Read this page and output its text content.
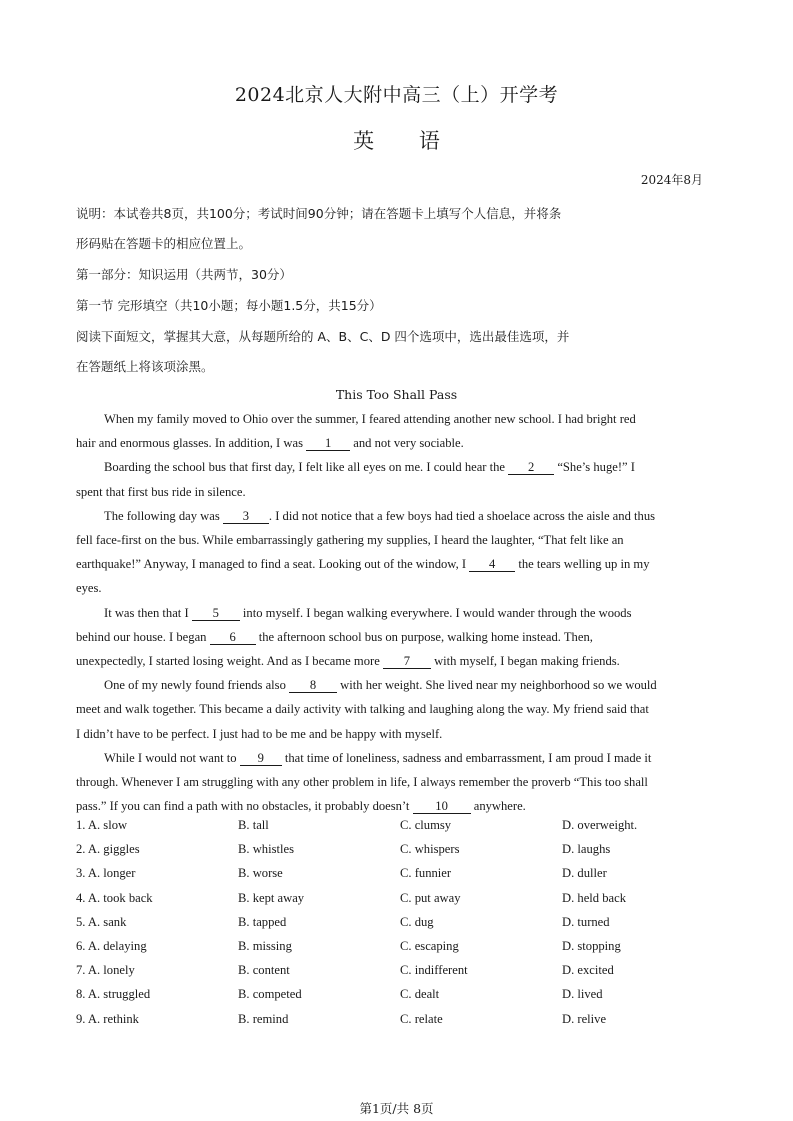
2024北京人大附中高三（上）开学考
英 语
2024年8月
说明：本试卷共8页，共100分；考试时间90分钟；请在答题卡上填写个人信息，并将条
形码贴在答题卡的相应位置上。
第一部分：知识运用（共两节，30分）
第一节 完形填空（共10小题；每小题1.5分，共15分）
阅读下面短文，掌握其大意，从每题所给的 A、B、C、D 四个选项中，选出最佳选项，并
在答题纸上将该项涂黑。
This Too Shall Pass
When my family moved to Ohio over the summer, I feared attending another new school. I had bright red
hair and enormous glasses. In addition, I was 1 and not very sociable.
Boarding the school bus that first day, I felt like all eyes on me. I could hear the 2 “She’s huge!” I
spent that first bus ride in silence.
The following day was 3 . I did not notice that a few boys had tied a shoelace across the aisle and thus
fell face-first on the bus. While embarrassingly gathering my supplies, I heard the laughter, “That felt like an
earthquake!” Anyway, I managed to find a seat. Looking out of the window, I 4 the tears welling up in my
eyes.
It was then that I 5 into myself. I began walking everywhere. I would wander through the woods
behind our house. I began 6 the afternoon school bus on purpose, walking home instead. Then,
unexpectedly, I started losing weight. And as I became more 7 with myself, I began making friends.
One of my newly found friends also 8 with her weight. She lived near my neighborhood so we would
meet and walk together. This became a daily activity with talking and laughing along the way. My friend said that
I didn’t have to be perfect. I just had to be me and be happy with myself.
While I would not want to 9 that time of loneliness, sadness and embarrassment, I am proud I made it
through. Whenever I am struggling with any other problem in life, I always remember the proverb “This too shall
pass.” If you can find a path with no obstacles, it probably doesn’t 10 anywhere.
1. A. slow	B. tall	C. clumsy	D. overweight.
2. A. giggles	B. whistles	C. whispers	D. laughs
3. A. longer	B. worse	C. funnier	D. duller
4. A. took back	B. kept away	C. put away	D. held back
5. A. sank	B. tapped	C. dug	D. turned
6. A. delaying	B. missing	C. escaping	D. stopping
7. A. lonely	B. content	C. indifferent	D. excited
8. A. struggled	B. competed	C. dealt	D. lived
9. A. rethink	B. remind	C. relate	D. relive
第1页/共 8页
